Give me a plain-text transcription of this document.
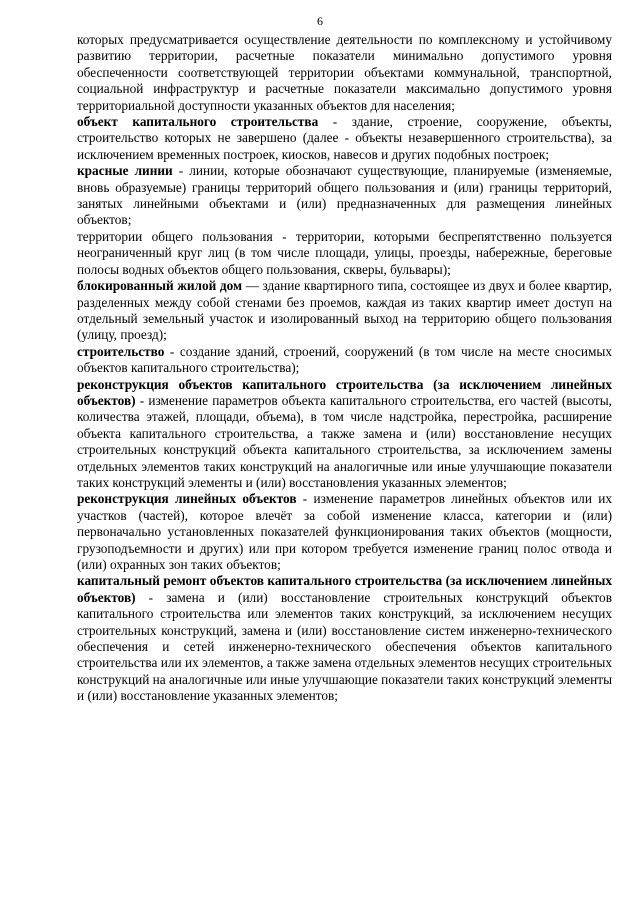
6

которых предусматривается осуществление деятельности по комплексному и устойчивому развитию территории, расчетные показатели минимально допустимого уровня обеспеченности соответствующей территории объектами коммунальной, транспортной, социальной инфраструктур и расчетные показатели максимально допустимого уровня территориальной доступности указанных объектов для населения;

объект капитального строительства - здание, строение, сооружение, объекты, строительство которых не завершено (далее - объекты незавершенного строительства), за исключением временных построек, киосков, навесов и других подобных построек;

красные линии - линии, которые обозначают существующие, планируемые (изменяемые, вновь образуемые) границы территорий общего пользования и (или) границы территорий, занятых линейными объектами и (или) предназначенных для размещения линейных объектов;

территории общего пользования - территории, которыми беспрепятственно пользуется неограниченный круг лиц (в том числе площади, улицы, проезды, набережные, береговые полосы водных объектов общего пользования, скверы, бульвары);

блокированный жилой дом — здание квартирного типа, состоящее из двух и более квартир, разделенных между собой стенами без проемов, каждая из таких квартир имеет доступ на отдельный земельный участок и изолированный выход на территорию общего пользования (улицу, проезд);

строительство - создание зданий, строений, сооружений (в том числе на месте сносимых объектов капитального строительства);

реконструкция объектов капитального строительства (за исключением линейных объектов) - изменение параметров объекта капитального строительства, его частей (высоты, количества этажей, площади, объема), в том числе надстройка, перестройка, расширение объекта капитального строительства, а также замена и (или) восстановление несущих строительных конструкций объекта капитального строительства, за исключением замены отдельных элементов таких конструкций на аналогичные или иные улучшающие показатели таких конструкций элементы и (или) восстановления указанных элементов;

реконструкция линейных объектов - изменение параметров линейных объектов или их участков (частей), которое влечёт за собой изменение класса, категории и (или) первоначально установленных показателей функционирования таких объектов (мощности, грузоподъемности и других) или при котором требуется изменение границ полос отвода и (или) охранных зон таких объектов;

капитальный ремонт объектов капитального строительства (за исключением линейных объектов) - замена и (или) восстановление строительных конструкций объектов капитального строительства или элементов таких конструкций, за исключением несущих строительных конструкций, замена и (или) восстановление систем инженерно-технического обеспечения и сетей инженерно-технического обеспечения объектов капитального строительства или их элементов, а также замена отдельных элементов несущих строительных конструкций на аналогичные или иные улучшающие показатели таких конструкций элементы и (или) восстановление указанных элементов;
